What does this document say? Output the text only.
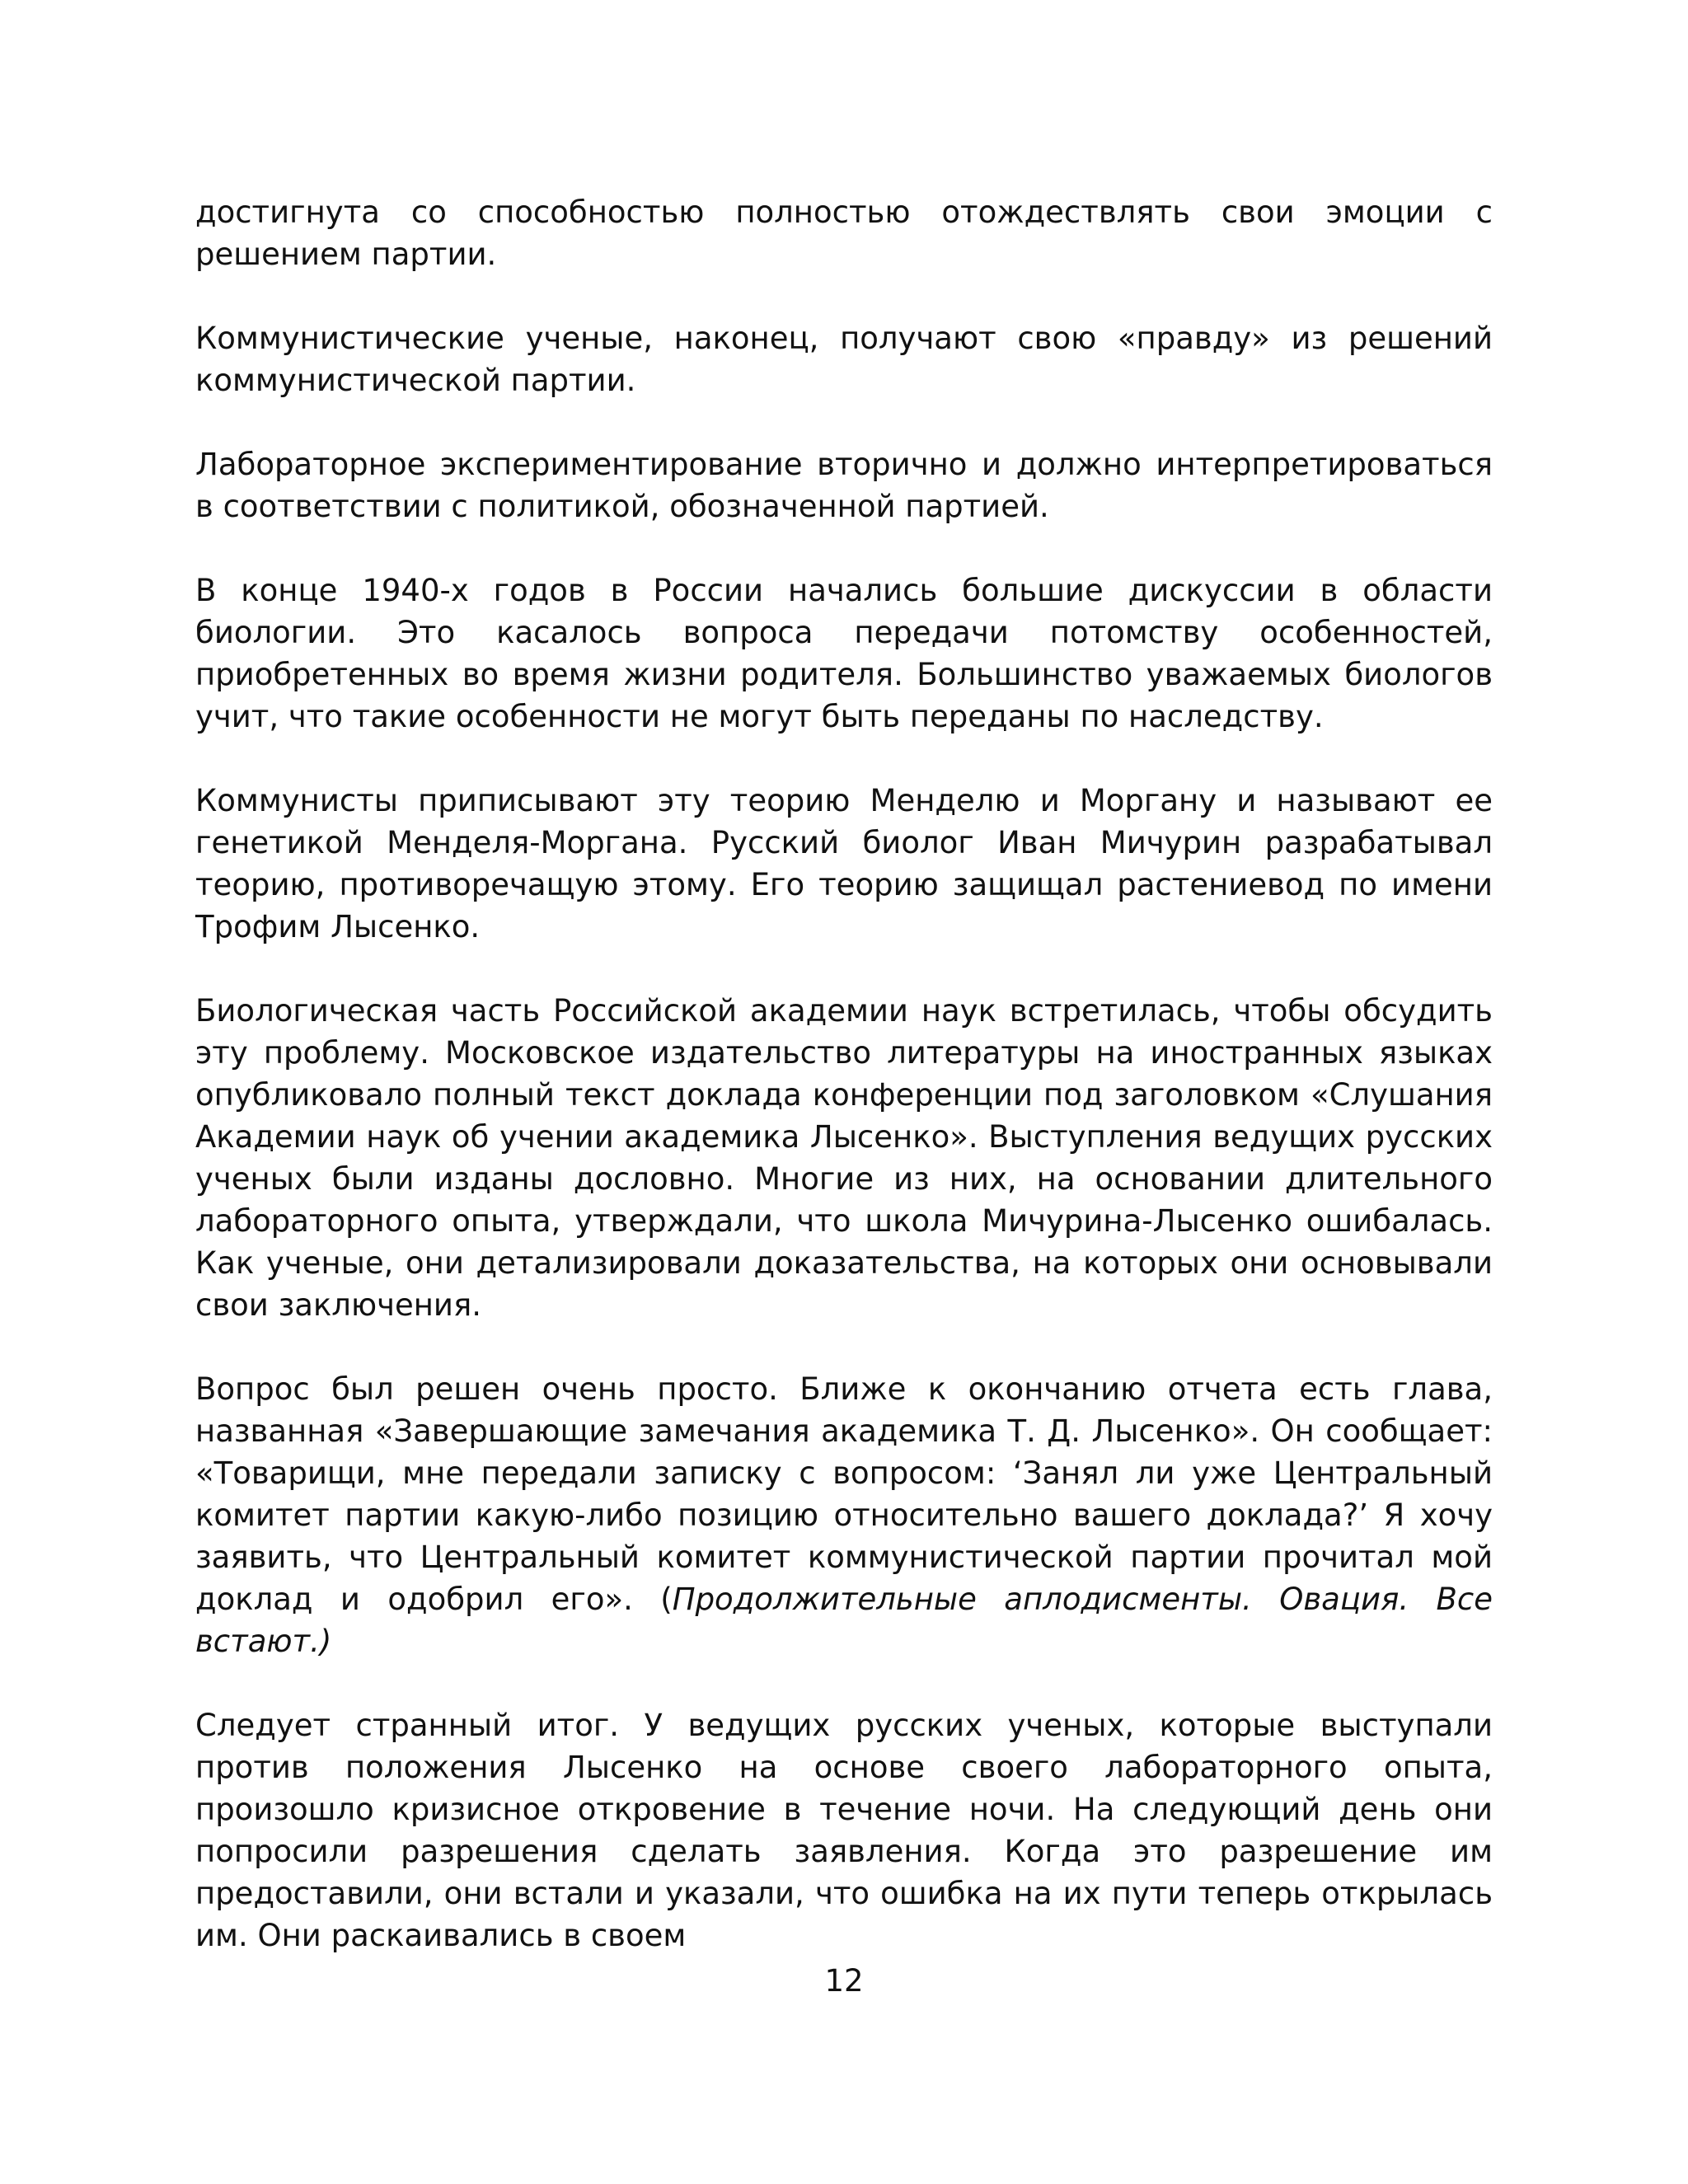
достигнута со способностью полностью отождествлять свои эмоции с решением партии.

Коммунистические ученые, наконец, получают свою «правду» из решений коммунистической партии.

Лабораторное экспериментирование вторично и должно интерпретироваться в соответствии с политикой, обозначенной партией.

В конце 1940-х годов в России начались большие дискуссии в области биологии. Это касалось вопроса передачи потомству особенностей, приобретенных во время жизни родителя. Большинство уважаемых биологов учит, что такие особенности не могут быть переданы по наследству.

Коммунисты приписывают эту теорию Менделю и Моргану и называют ее генетикой Менделя-Моргана. Русский биолог Иван Мичурин разрабатывал теорию, противоречащую этому. Его теорию защищал растениевод по имени Трофим Лысенко.

Биологическая часть Российской академии наук встретилась, чтобы обсудить эту проблему. Московское издательство литературы на иностранных языках опубликовало полный текст доклада конференции под заголовком «Слушания Академии наук об учении академика Лысенко». Выступления ведущих русских ученых были изданы дословно. Многие из них, на основании длительного лабораторного опыта, утверждали, что школа Мичурина-Лысенко ошибалась. Как ученые, они детализировали доказательства, на которых они основывали свои заключения.

Вопрос был решен очень просто. Ближе к окончанию отчета есть глава, названная «Завершающие замечания академика Т. Д. Лысенко». Он сообщает: «Товарищи, мне передали записку с вопросом: ‘Занял ли уже Центральный комитет партии какую-либо позицию относительно вашего доклада?’ Я хочу заявить, что Центральный комитет коммунистической партии прочитал мой доклад и одобрил его». (Продолжительные аплодисменты. Овация. Все встают.)

Следует странный итог. У ведущих русских ученых, которые выступали против положения Лысенко на основе своего лабораторного опыта, произошло кризисное откровение в течение ночи. На следующий день они попросили разрешения сделать заявления. Когда это разрешение им предоставили, они встали и указали, что ошибка на их пути теперь открылась им. Они раскаивались в своем

12
